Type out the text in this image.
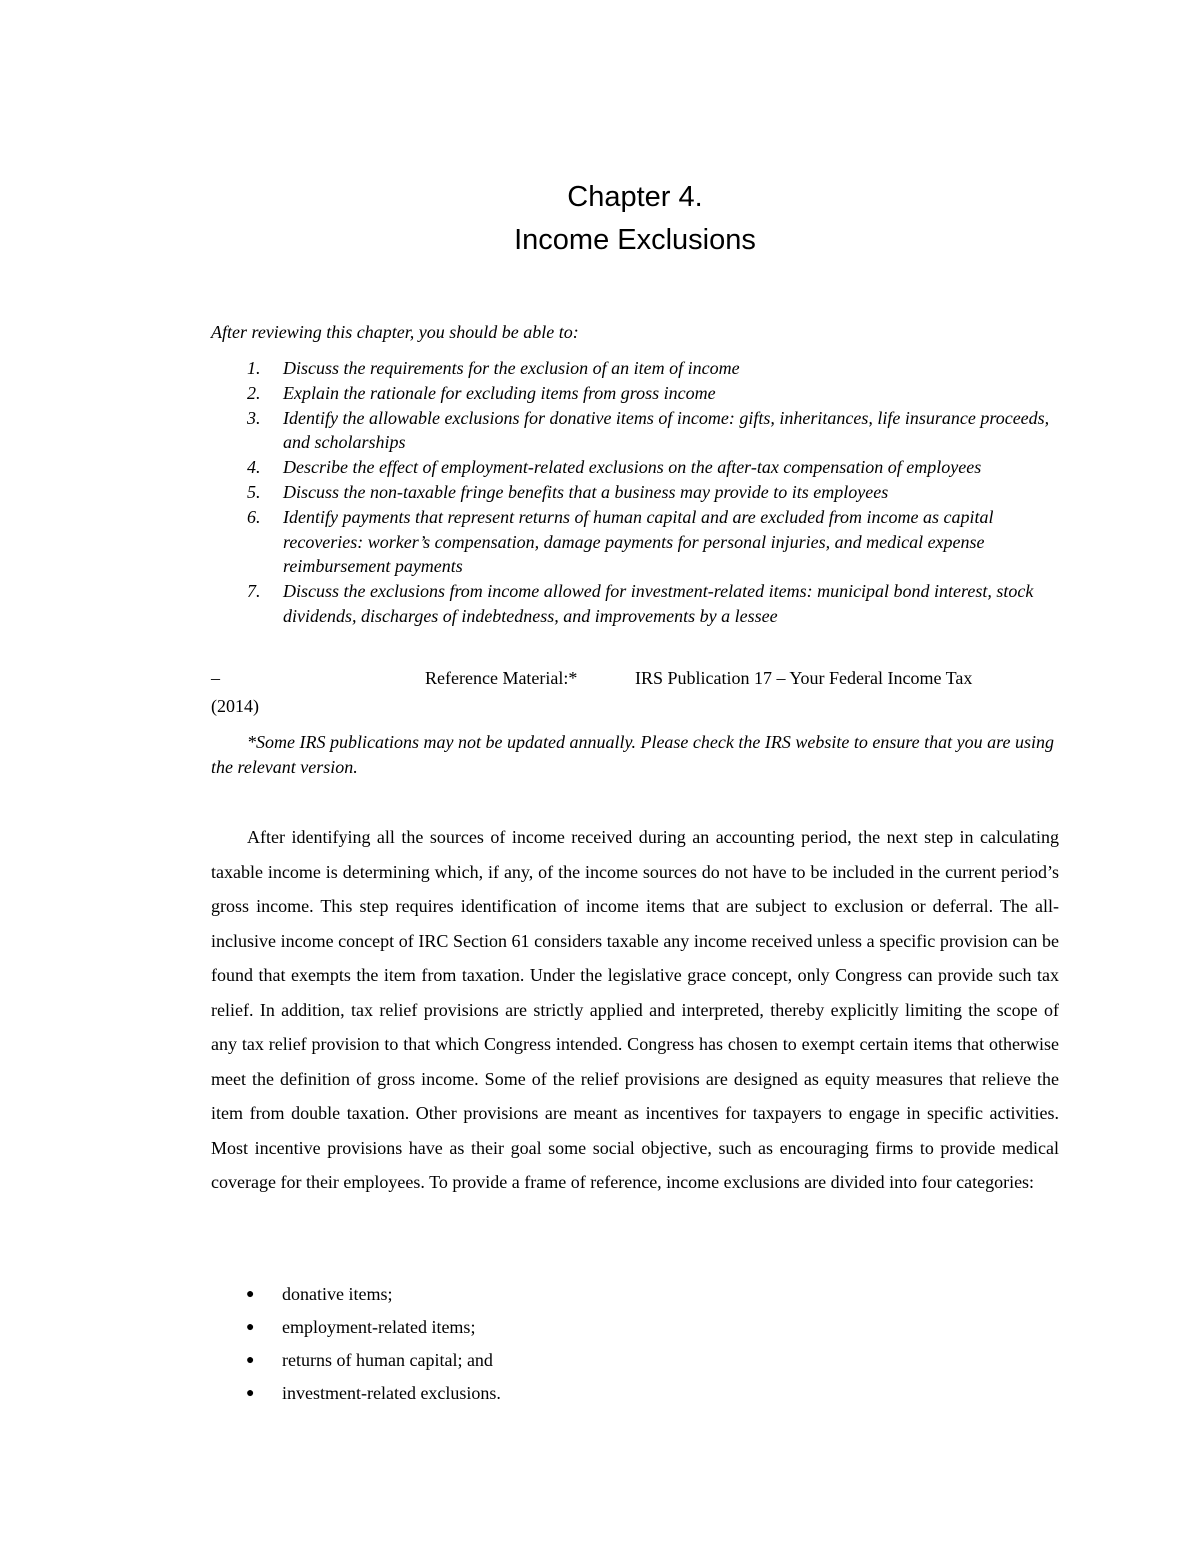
Chapter 4.
Income Exclusions

After reviewing this chapter, you should be able to:

1. Discuss the requirements for the exclusion of an item of income
2. Explain the rationale for excluding items from gross income
3. Identify the allowable exclusions for donative items of income: gifts, inheritances, life insurance proceeds, and scholarships
4. Describe the effect of employment-related exclusions on the after-tax compensation of employees
5. Discuss the non-taxable fringe benefits that a business may provide to its employees
6. Identify payments that represent returns of human capital and are excluded from income as capital recoveries: worker’s compensation, damage payments for personal injuries, and medical expense reimbursement payments
7. Discuss the exclusions from income allowed for investment-related items: municipal bond interest, stock dividends, discharges of indebtedness, and improvements by a lessee
–	Reference Material:*	IRS Publication 17 – Your Federal Income Tax
(2014)

*Some IRS publications may not be updated annually. Please check the IRS website to ensure that you are using the relevant version.

After identifying all the sources of income received during an accounting period, the next step in calculating taxable income is determining which, if any, of the income sources do not have to be included in the current period’s gross income. This step requires identification of income items that are subject to exclusion or deferral. The all-inclusive income concept of IRC Section 61 considers taxable any income received unless a specific provision can be found that exempts the item from taxation. Under the legislative grace concept, only Congress can provide such tax relief. In addition, tax relief provisions are strictly applied and interpreted, thereby explicitly limiting the scope of any tax relief provision to that which Congress intended. Congress has chosen to exempt certain items that otherwise meet the definition of gross income. Some of the relief provisions are designed as equity measures that relieve the item from double taxation. Other provisions are meant as incentives for taxpayers to engage in specific activities. Most incentive provisions have as their goal some social objective, such as encouraging firms to provide medical coverage for their employees. To provide a frame of reference, income exclusions are divided into four categories:

● donative items;
● employment-related items;
● returns of human capital; and
● investment-related exclusions.
